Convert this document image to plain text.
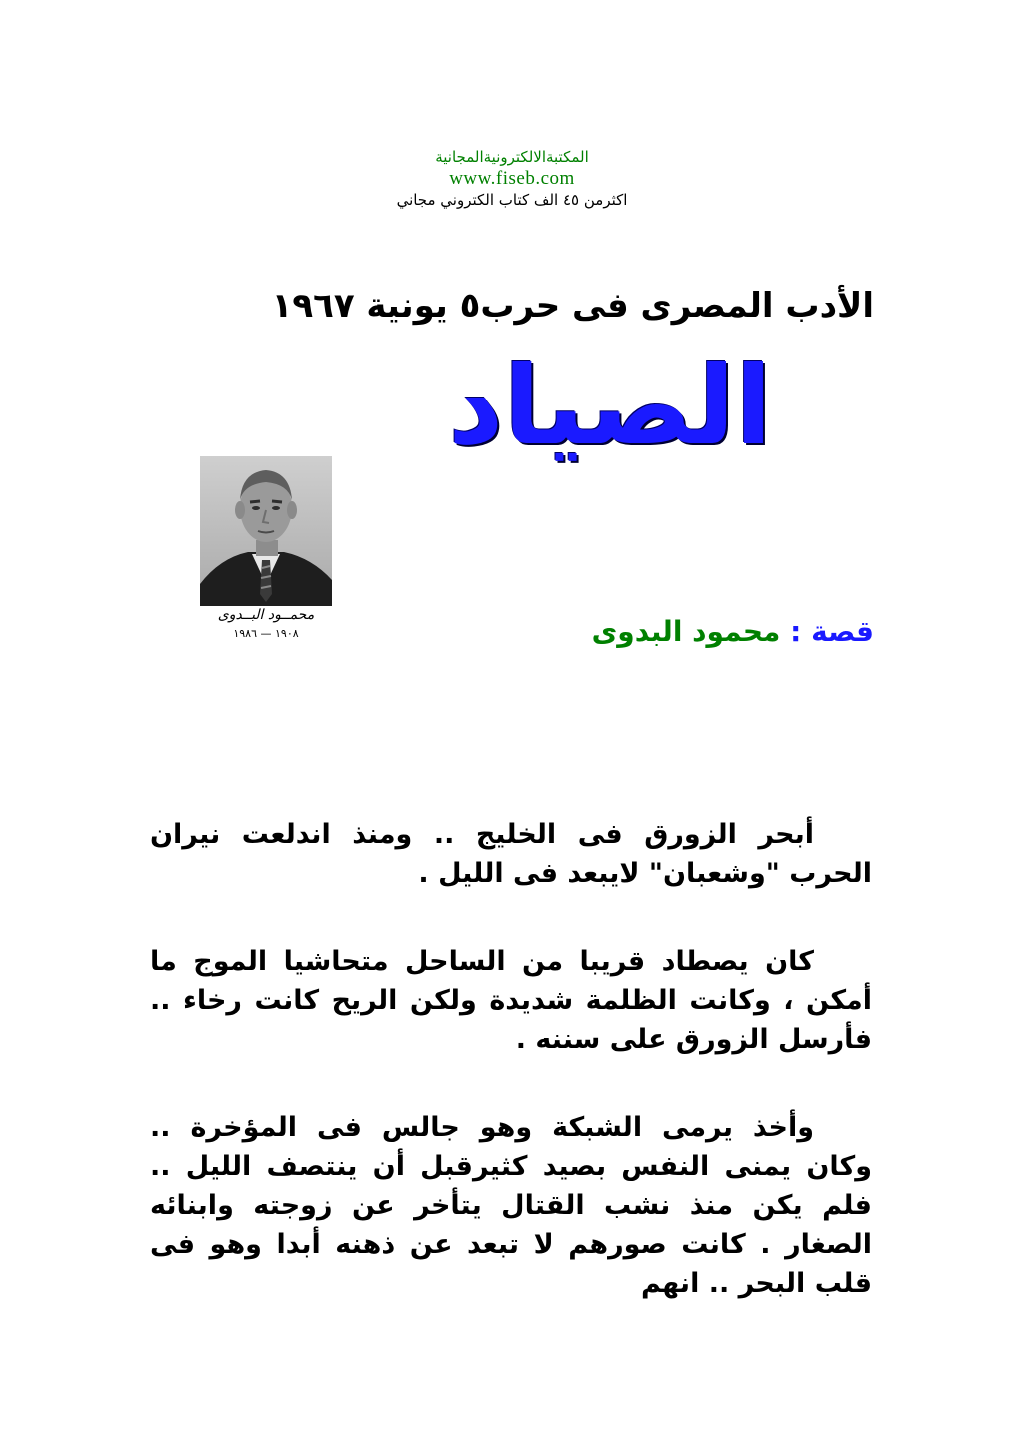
المكتبةالالكترونيةالمجانية
www.fiseb.com
اكثرمن ٤٥ الف كتاب الكتروني مجاني
الأدب المصرى فى حرب٥ يونية ١٩٦٧
الصياد
محمــود البــدوى
١٩٠٨ — ١٩٨٦	قصة : محمود البدوى

أبحر الزورق فى الخليج .. ومنذ اندلعت نيران الحرب "وشعبان" لايبعد فى الليل .

كان يصطاد قريبا من الساحل متحاشيا الموج ما أمكن ، وكانت الظلمة شديدة ولكن الريح كانت رخاء .. فأرسل الزورق على سننه .

وأخذ يرمى الشبكة وهو جالس فى المؤخرة .. وكان يمنى النفس بصيد كثيرقبل أن ينتصف الليل .. فلم يكن منذ نشب القتال يتأخر عن زوجته وابنائه الصغار . كانت صورهم لا تبعد عن ذهنه أبدا وهو فى قلب البحر .. انهم
